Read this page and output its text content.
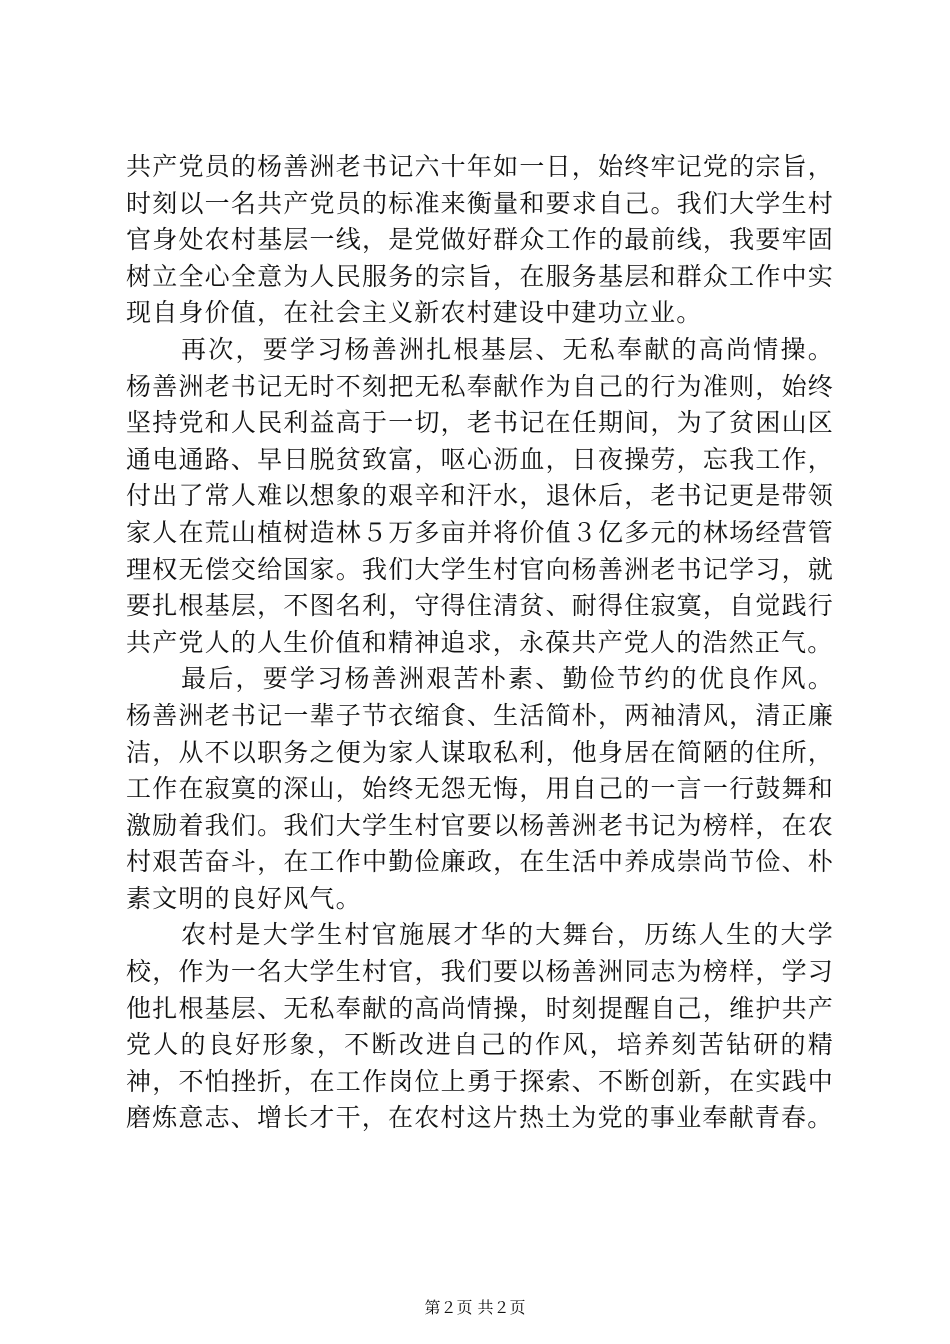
共产党员的杨善洲老书记六十年如一日，始终牢记党的宗旨，时刻以一名共产党员的标准来衡量和要求自己。我们大学生村官身处农村基层一线，是党做好群众工作的最前线，我要牢固树立全心全意为人民服务的宗旨，在服务基层和群众工作中实现自身价值，在社会主义新农村建设中建功立业。

再次，要学习杨善洲扎根基层、无私奉献的高尚情操。杨善洲老书记无时不刻把无私奉献作为自己的行为准则，始终坚持党和人民利益高于一切，老书记在任期间，为了贫困山区通电通路、早日脱贫致富，呕心沥血，日夜操劳，忘我工作，付出了常人难以想象的艰辛和汗水，退休后，老书记更是带领家人在荒山植树造林５万多亩并将价值３亿多元的林场经营管理权无偿交给国家。我们大学生村官向杨善洲老书记学习，就要扎根基层，不图名利，守得住清贫、耐得住寂寞，自觉践行共产党人的人生价值和精神追求，永葆共产党人的浩然正气。

最后，要学习杨善洲艰苦朴素、勤俭节约的优良作风。杨善洲老书记一辈子节衣缩食、生活简朴，两袖清风，清正廉洁，从不以职务之便为家人谋取私利，他身居在简陋的住所，工作在寂寞的深山，始终无怨无悔，用自己的一言一行鼓舞和激励着我们。我们大学生村官要以杨善洲老书记为榜样，在农村艰苦奋斗，在工作中勤俭廉政，在生活中养成崇尚节俭、朴素文明的良好风气。

农村是大学生村官施展才华的大舞台，历练人生的大学校，作为一名大学生村官，我们要以杨善洲同志为榜样，学习他扎根基层、无私奉献的高尚情操，时刻提醒自己，维护共产党人的良好形象，不断改进自己的作风，培养刻苦钻研的精神，不怕挫折，在工作岗位上勇于探索、不断创新，在实践中磨炼意志、增长才干，在农村这片热土为党的事业奉献青春。

第２页 共２页
